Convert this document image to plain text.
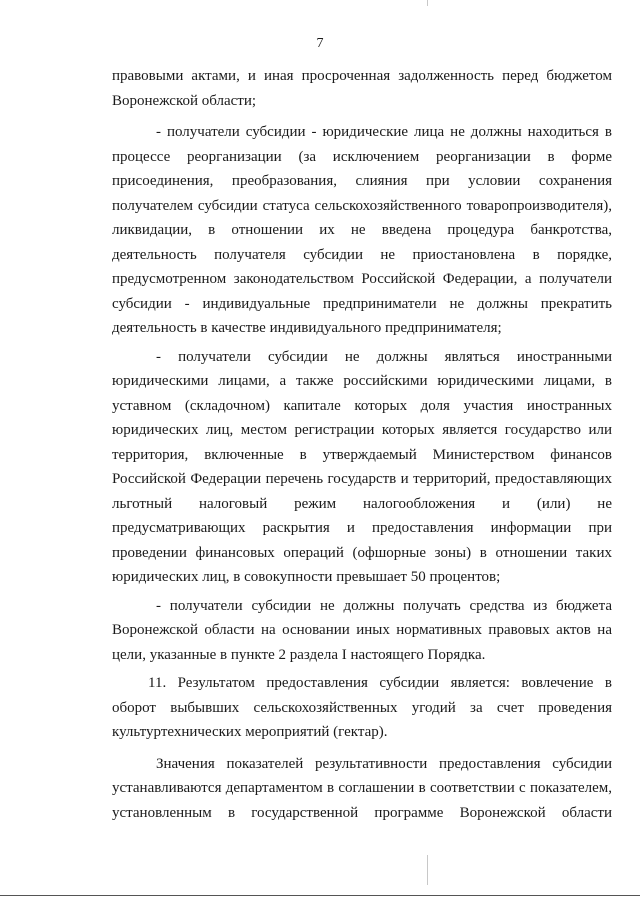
7
правовыми актами, и иная просроченная задолженность перед бюджетом
Воронежской области;
- получатели субсидии - юридические лица не должны находиться в
процессе реорганизации (за исключением реорганизации в форме
присоединения, преобразования, слияния при условии сохранения
получателем субсидии статуса сельскохозяйственного товаропроизводителя),
ликвидации, в отношении их не введена процедура банкротства,
деятельность получателя субсидии не приостановлена в порядке,
предусмотренном законодательством Российской Федерации, а получатели
субсидии - индивидуальные предприниматели не должны прекратить
деятельность в качестве индивидуального предпринимателя;
- получатели субсидии не должны являться иностранными
юридическими лицами, а также российскими юридическими лицами, в
уставном (складочном) капитале которых доля участия иностранных
юридических лиц, местом регистрации которых является государство или
территория, включенные в утверждаемый Министерством финансов
Российской Федерации перечень государств и территорий, предоставляющих
льготный налоговый режим налогообложения и (или) не
предусматривающих раскрытия и предоставления информации при
проведении финансовых операций (офшорные зоны) в отношении таких
юридических лиц, в совокупности превышает 50 процентов;
- получатели субсидии не должны получать средства из бюджета
Воронежской области на основании иных нормативных правовых актов на
цели, указанные в пункте 2 раздела I настоящего Порядка.
11. Результатом предоставления субсидии является: вовлечение в
оборот выбывших сельскохозяйственных угодий за счет проведения
культуртехнических мероприятий (гектар).
Значения показателей результативности предоставления субсидии
устанавливаются департаментом в соглашении в соответствии с показателем,
установленным в государственной программе Воронежской области
